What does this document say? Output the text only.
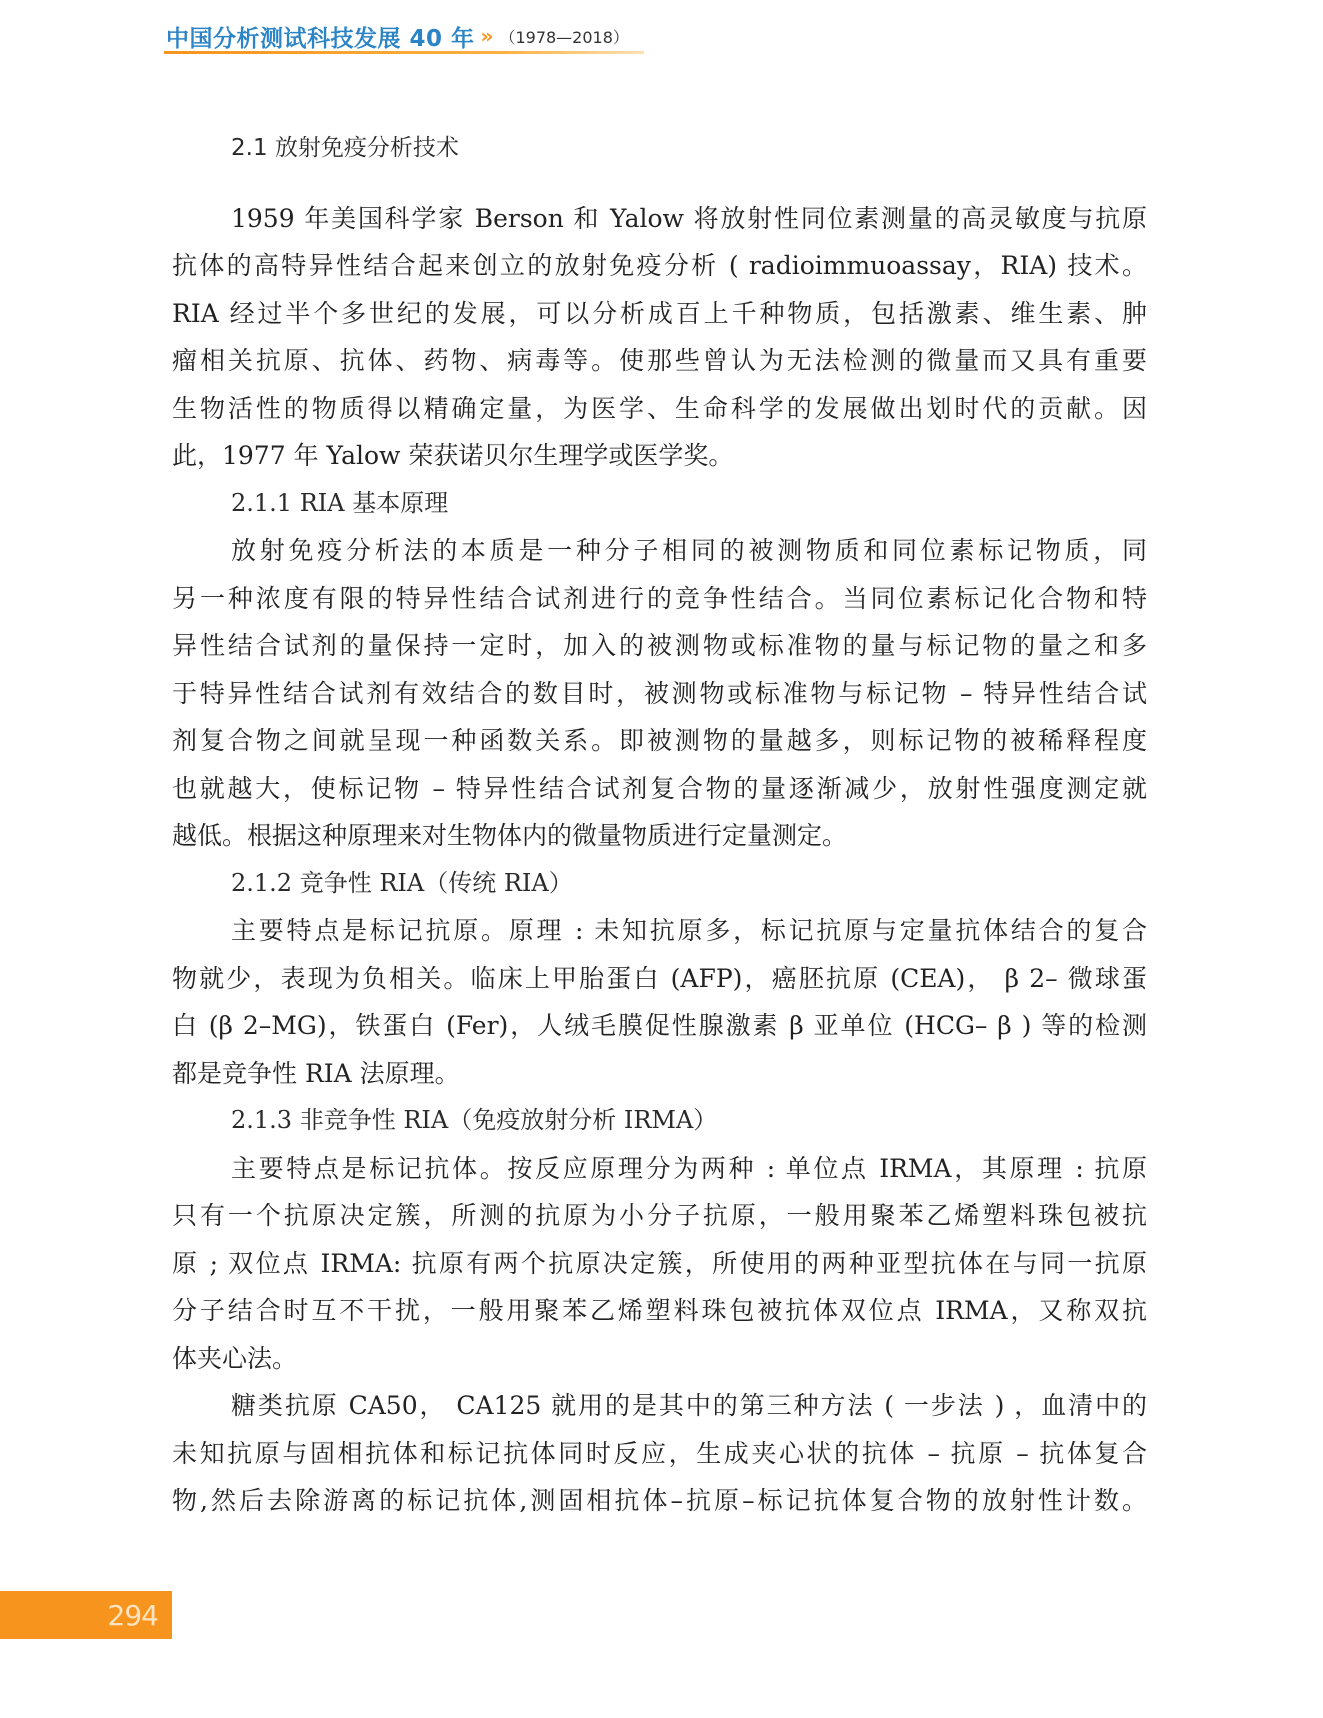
中国分析测试科技发展 40 年 » （1978—2018）
2.1 放射免疫分析技术
1959 年美国科学家 Berson 和 Yalow 将放射性同位素测量的高灵敏度与抗原
抗体的高特异性结合起来创立的放射免疫分析 ( radioimmuoassay，RIA) 技术。
RIA 经过半个多世纪的发展，可以分析成百上千种物质，包括激素、维生素、肿
瘤相关抗原、抗体、药物、病毒等。使那些曾认为无法检测的微量而又具有重要
生物活性的物质得以精确定量，为医学、生命科学的发展做出划时代的贡献。因
此，1977 年 Yalow 荣获诺贝尔生理学或医学奖。
2.1.1 RIA 基本原理
放射免疫分析法的本质是一种分子相同的被测物质和同位素标记物质，同
另一种浓度有限的特异性结合试剂进行的竞争性结合。当同位素标记化合物和特
异性结合试剂的量保持一定时，加入的被测物或标准物的量与标记物的量之和多
于特异性结合试剂有效结合的数目时，被测物或标准物与标记物 – 特异性结合试
剂复合物之间就呈现一种函数关系。即被测物的量越多，则标记物的被稀释程度
也就越大，使标记物 – 特异性结合试剂复合物的量逐渐减少，放射性强度测定就
越低。根据这种原理来对生物体内的微量物质进行定量测定。
2.1.2 竞争性 RIA（传统 RIA）
主要特点是标记抗原。原理 : 未知抗原多，标记抗原与定量抗体结合的复合
物就少，表现为负相关。临床上甲胎蛋白 (AFP)，癌胚抗原 (CEA)， β 2– 微球蛋
白 (β 2–MG)，铁蛋白 (Fer)，人绒毛膜促性腺激素 β 亚单位 (HCG– β ) 等的检测
都是竞争性 RIA 法原理。
2.1.3 非竞争性 RIA（免疫放射分析 IRMA）
主要特点是标记抗体。按反应原理分为两种 : 单位点 IRMA，其原理 : 抗原
只有一个抗原决定簇，所测的抗原为小分子抗原，一般用聚苯乙烯塑料珠包被抗
原 ; 双位点 IRMA: 抗原有两个抗原决定簇，所使用的两种亚型抗体在与同一抗原
分子结合时互不干扰，一般用聚苯乙烯塑料珠包被抗体双位点 IRMA，又称双抗
体夹心法。
糖类抗原 CA50， CA125 就用的是其中的第三种方法 ( 一步法 ) ，血清中的
未知抗原与固相抗体和标记抗体同时反应，生成夹心状的抗体 – 抗原 – 抗体复合
物,然后去除游离的标记抗体,测固相抗体–抗原–标记抗体复合物的放射性计数。
294
